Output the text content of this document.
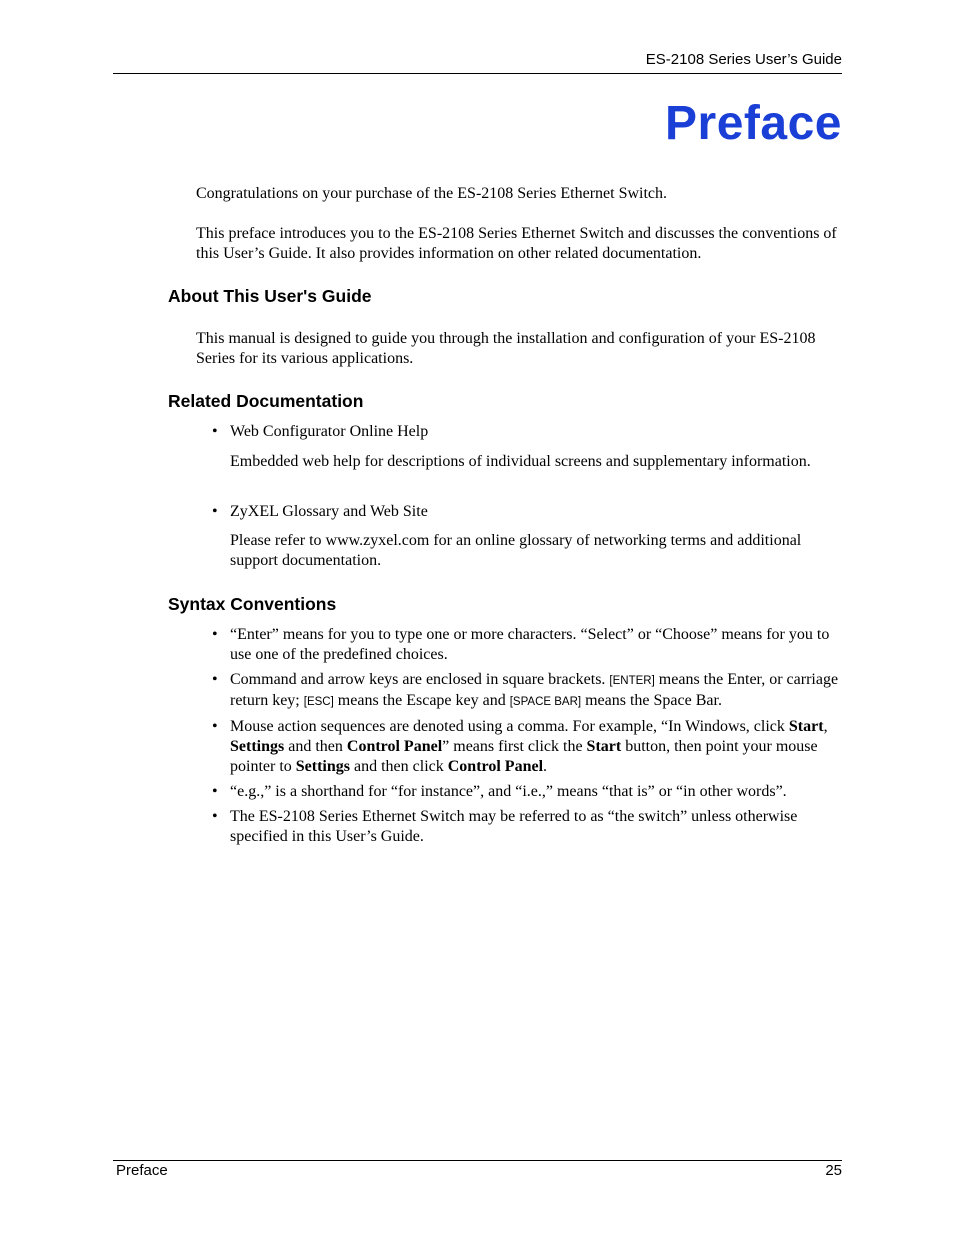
ES-2108 Series User’s Guide
Preface

Congratulations on your purchase of the ES-2108 Series Ethernet Switch.

This preface introduces you to the ES-2108 Series Ethernet Switch and discusses the conventions of this User’s Guide. It also provides information on other related documentation.

About This User's Guide

This manual is designed to guide you through the installation and configuration of your ES-2108 Series for its various applications.

Related Documentation
• Web Configurator Online Help

Embedded web help for descriptions of individual screens and supplementary information.

• ZyXEL Glossary and Web Site

Please refer to www.zyxel.com for an online glossary of networking terms and additional support documentation.

Syntax Conventions
• “Enter” means for you to type one or more characters. “Select” or “Choose” means for you to use one of the predefined choices.
• Command and arrow keys are enclosed in square brackets. [ENTER] means the Enter, or carriage return key; [ESC] means the Escape key and [SPACE BAR] means the Space Bar.
• Mouse action sequences are denoted using a comma. For example, “In Windows, click Start, Settings and then Control Panel” means first click the Start button, then point your mouse pointer to Settings and then click Control Panel.
• “e.g.,” is a shorthand for “for instance”, and “i.e.,” means “that is” or “in other words”.
• The ES-2108 Series Ethernet Switch may be referred to as “the switch” unless otherwise specified in this User’s Guide.
Preface	25
